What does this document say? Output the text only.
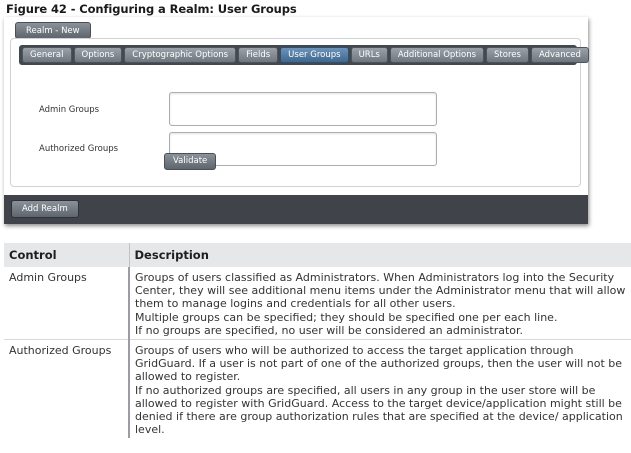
Figure 42 - Configuring a Realm: User Groups
Realm - New
General	Options	Cryptographic Options	Fields	User Groups	URLs	Additional Options	Stores	Advanced
Admin Groups
Authorized Groups
Validate
Add Realm
Control	Description
Admin Groups	Groups of users classified as Administrators. When Administrators log into the Security Center, they will see additional menu items under the Administrator menu that will allow them to manage logins and credentials for all other users.
Multiple groups can be specified; they should be specified one per each line.
If no groups are specified, no user will be considered an administrator.

Authorized Groups	Groups of users who will be authorized to access the target application through GridGuard. If a user is not part of one of the authorized groups, then the user will not be allowed to register.
If no authorized groups are specified, all users in any group in the user store will be allowed to register with GridGuard. Access to the target device/application might still be denied if there are group authorization rules that are specified at the device/ application level.
